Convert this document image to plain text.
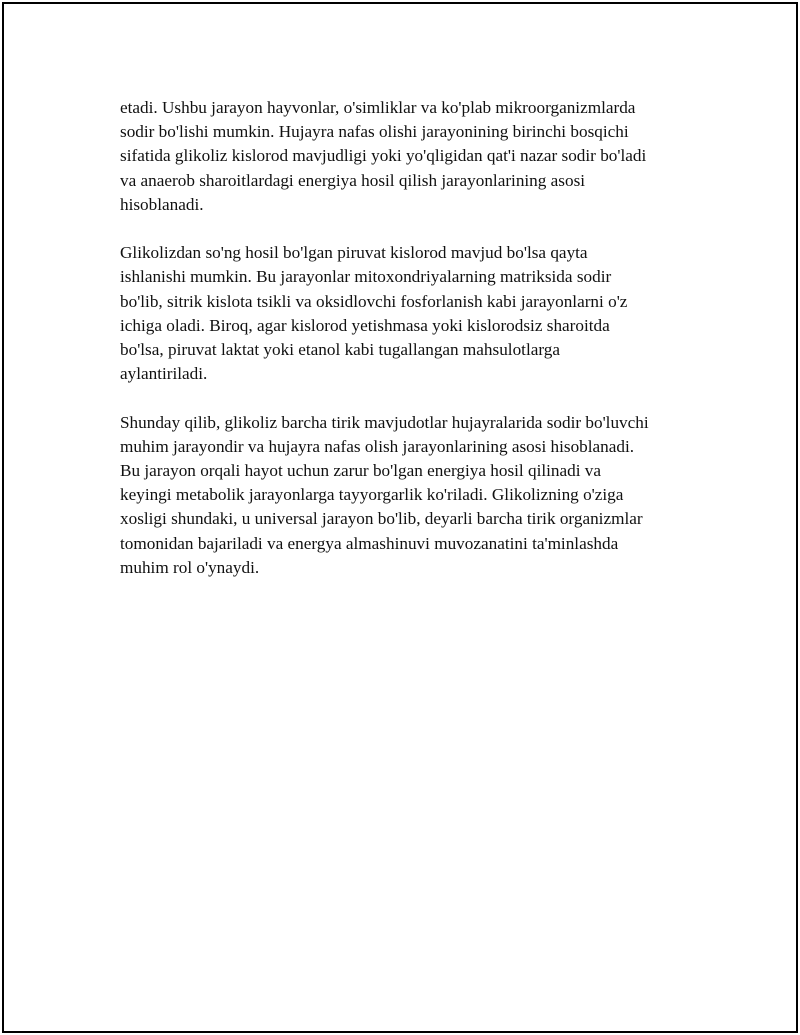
etadi. Ushbu jarayon hayvonlar, o'simliklar va ko'plab mikroorganizmlarda
sodir bo'lishi mumkin. Hujayra nafas olishi jarayonining birinchi bosqichi
sifatida glikoliz kislorod mavjudligi yoki yo'qligidan qat'i nazar sodir bo'ladi
va anaerob sharoitlardagi energiya hosil qilish jarayonlarining asosi
hisoblanadi.

Glikolizdan so'ng hosil bo'lgan piruvat kislorod mavjud bo'lsa qayta
ishlanishi mumkin. Bu jarayonlar mitoxondriyalarning matriksida sodir
bo'lib, sitrik kislota tsikli va oksidlovchi fosforlanish kabi jarayonlarni o'z
ichiga oladi. Biroq, agar kislorod yetishmasa yoki kislorodsiz sharoitda
bo'lsa, piruvat laktat yoki etanol kabi tugallangan mahsulotlarga
aylantiriladi.

Shunday qilib, glikoliz barcha tirik mavjudotlar hujayralarida sodir bo'luvchi
muhim jarayondir va hujayra nafas olish jarayonlarining asosi hisoblanadi.
Bu jarayon orqali hayot uchun zarur bo'lgan energiya hosil qilinadi va
keyingi metabolik jarayonlarga tayyorgarlik ko'riladi. Glikolizning o'ziga
xosligi shundaki, u universal jarayon bo'lib, deyarli barcha tirik organizmlar
tomonidan bajariladi va energya almashinuvi muvozanatini ta'minlashda
muhim rol o'ynaydi.
